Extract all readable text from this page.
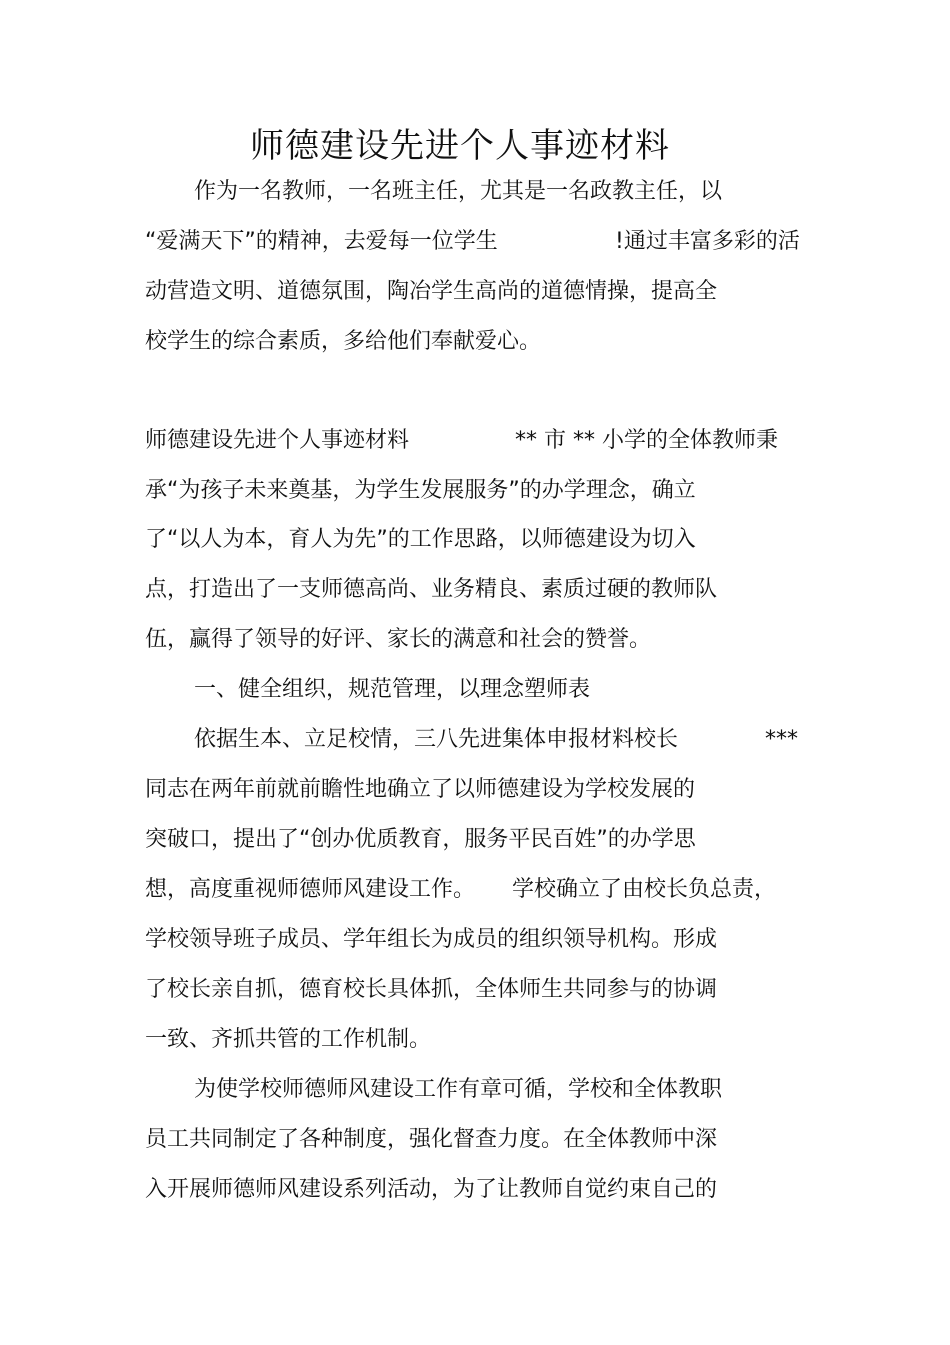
师德建设先进个人事迹材料
作为一名教师，一名班主任，尤其是一名政教主任，以
“爱满天下”的精神，去爱每一位学生	!通过丰富多彩的活
动营造文明、道德氛围，陶冶学生高尚的道德情操，提高全
校学生的综合素质，多给他们奉献爱心。
师德建设先进个人事迹材料	** 市 ** 小学的全体教师秉
承“为孩子未来奠基，为学生发展服务”的办学理念，确立
了“以人为本，育人为先”的工作思路，以师德建设为切入
点，打造出了一支师德高尚、业务精良、素质过硬的教师队
伍，赢得了领导的好评、家长的满意和社会的赞誉。
一、健全组织，规范管理，以理念塑师表
依据生本、立足校情，三八先进集体申报材料校长	***
同志在两年前就前瞻性地确立了以师德建设为学校发展的
突破口，提出了“创办优质教育，服务平民百姓”的办学思
想，高度重视师德师风建设工作。 学校确立了由校长负总责，
学校领导班子成员、学年组长为成员的组织领导机构。形成
了校长亲自抓，德育校长具体抓，全体师生共同参与的协调
一致、齐抓共管的工作机制。
为使学校师德师风建设工作有章可循，学校和全体教职
员工共同制定了各种制度，强化督查力度。在全体教师中深
入开展师德师风建设系列活动，为了让教师自觉约束自己的
